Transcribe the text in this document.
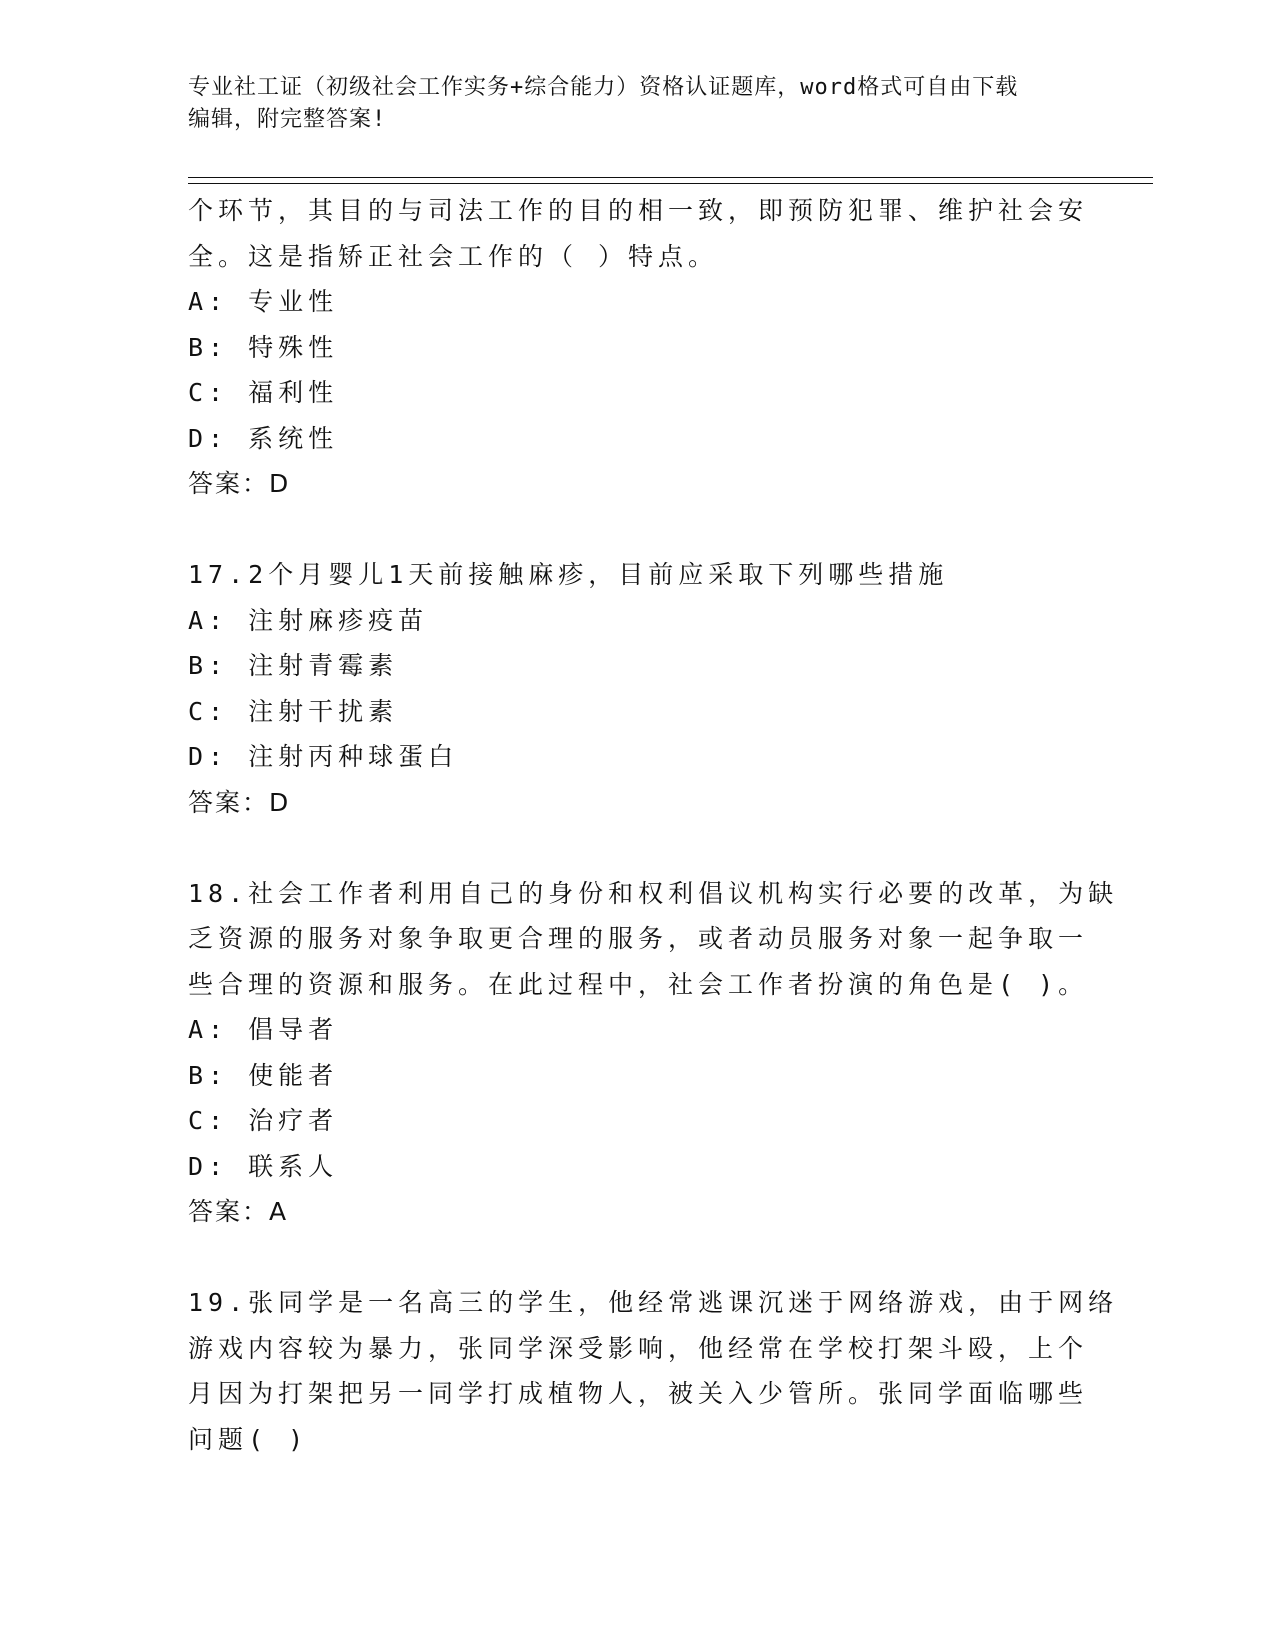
专业社工证（初级社会工作实务+综合能力）资格认证题库，word格式可自由下载
编辑，附完整答案!
个环节，其目的与司法工作的目的相一致，即预防犯罪、维护社会安
全。这是指矫正社会工作的（ ）特点。
A: 专业性
B: 特殊性
C: 福利性
D: 系统性
答案：D
17.2个月婴儿1天前接触麻疹，目前应采取下列哪些措施
A: 注射麻疹疫苗
B: 注射青霉素
C: 注射干扰素
D: 注射丙种球蛋白
答案：D
18.社会工作者利用自己的身份和权利倡议机构实行必要的改革，为缺
乏资源的服务对象争取更合理的服务，或者动员服务对象一起争取一
些合理的资源和服务。在此过程中，社会工作者扮演的角色是( )。
A: 倡导者
B: 使能者
C: 治疗者
D: 联系人
答案：A
19.张同学是一名高三的学生，他经常逃课沉迷于网络游戏，由于网络
游戏内容较为暴力，张同学深受影响，他经常在学校打架斗殴，上个
月因为打架把另一同学打成植物人，被关入少管所。张同学面临哪些
问题( )
